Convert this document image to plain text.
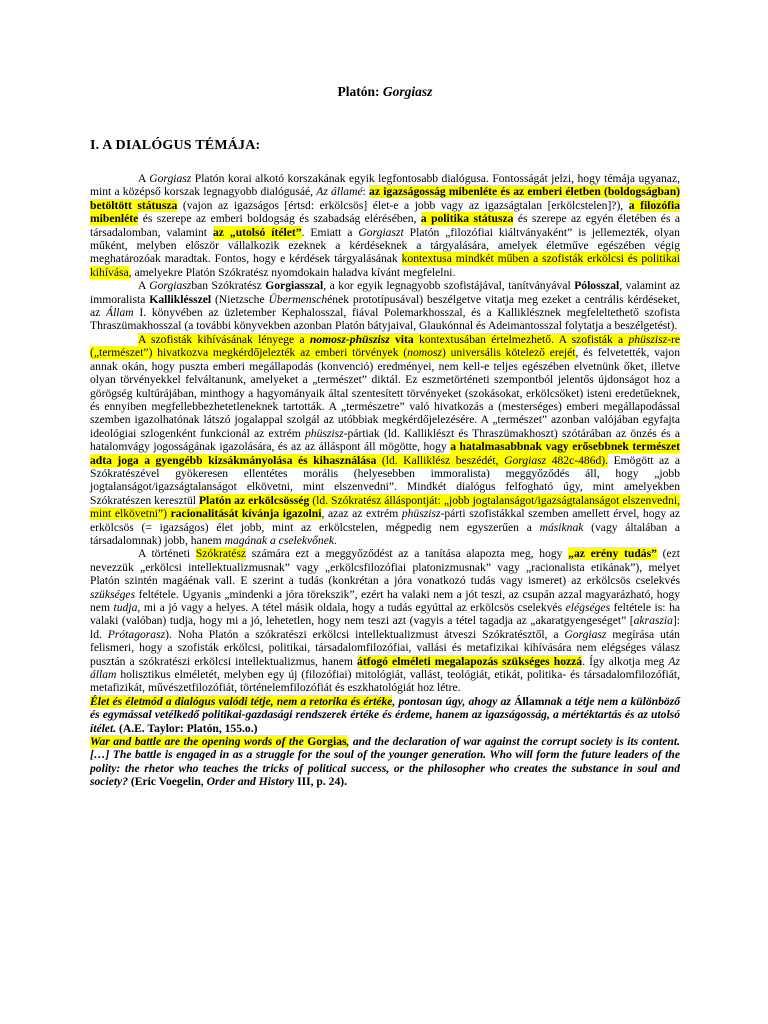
Platón: Gorgiasz
I. A DIALÓGUS TÉMÁJA:

A Gorgiasz Platón korai alkotó korszakának egyik legfontosabb dialógusa. Fontosságát jelzi, hogy témája ugyanaz, mint a középső korszak legnagyobb dialógusáé, Az államé: az igazságosság mibenléte és az emberi életben (boldogságban) betöltött státusza (vajon az igazságos [értsd: erkölcsös] élet-e a jobb vagy az igazságtalan [erkölcstelen]?), a filozófia mibenléte és szerepe az emberi boldogság és szabadság elérésében, a politika státusza és szerepe az egyén életében és a társadalomban, valamint az „utolsó ítélet”. Emiatt a Gorgiaszt Platón „filozófiai kiáltványaként” is jellemezték, olyan műként, melyben először vállalkozik ezeknek a kérdéseknek a tárgyalására, amelyek életműve egészében végig meghatározóak maradtak. Fontos, hogy e kérdések tárgyalásának kontextusa mindkét műben a szofisták erkölcsi és politikai kihívása, amelyekre Platón Szókratész nyomdokain haladva kívánt megfelelni.

A Gorgiaszban Szókratész Gorgiasszal, a kor egyik legnagyobb szofistájával, tanítványával Pólosszal, valamint az immoralista Kalliklésszel (Nietzsche Übermenschének prototípusával) beszélgetve vitatja meg ezeket a centrális kérdéseket, az Állam I. könyvében az üzletember Kephalosszal, fiával Polemarkhosszal, és a Kalliklésznek megfeleltethető szofista Thraszümakhosszal (a további könyvekben azonban Platón bátyjaival, Glaukónnal és Adeimantosszal folytatja a beszélgetést).

A szofisták kihívásának lényege a nomosz-phüszisz vita kontextusában értelmezhető. A szofisták a phüszisz-re („természet”) hivatkozva megkérdőjelezték az emberi törvények (nomosz) universális kötelező erejét, és felvetették, vajon annak okán, hogy puszta emberi megállapodás (konvenció) eredményei, nem kell-e teljes egészében elvetnünk őket, illetve olyan törvényekkel felváltanunk, amelyeket a „természet” diktál. Ez eszmetörténeti szempontból jelentős újdonságot hoz a görögség kultúrájában, minthogy a hagyományaik által szentesített törvényeket (szokásokat, erkölcsöket) isteni eredetűeknek, és ennyiben megfellebbezhetetleneknek tartották. A „természetre” való hivatkozás a (mesterséges) emberi megállapodással szemben igazolhatónak látszó jogalappal szolgál az utóbbiak megkérdőjelezésére. A „természet” azonban valójában egyfajta ideológiai szlogenként funkcionál az extrém phüszisz-pártiak (ld. Kalliklészt és Thraszümakhoszt) szótárában az önzés és a hatalomvágy jogosságának igazolására, és az az álláspont áll mögötte, hogy a hatalmasabbnak vagy erősebbnek természet adta joga a gyengébb kizsákmányolása és kihasználása (ld. Kalliklész beszédét, Gorgiasz 482c-486d). Emögött az a Szókratészével gyökeresen ellentétes morális (helyesebben immoralista) meggyőződés áll, hogy „jobb jogtalanságot/igazságtalanságot elkövetni, mint elszenvedni”. Mindkét dialógus felfogható úgy, mint amelyekben Szókratészen keresztül Platón az erkölcsösség (ld. Szókratész álláspontját: „jobb jogtalanságot/igazságtalanságot elszenvedni, mint elkövetni”) racionalitását kívánja igazolni, azaz az extrém phüszisz-párti szofistákkal szemben amellett érvel, hogy az erkölcsös (= igazságos) élet jobb, mint az erkölcstelen, mégpedig nem egyszerűen a másiknak (vagy általában a társadalomnak) jobb, hanem magának a cselekvőnek.

A történeti Szókratész számára ezt a meggyőződést az a tanítása alapozta meg, hogy „az erény tudás” (ezt nevezzük „erkölcsi intellektualizmusnak” vagy „erkölcsfilozófiai platonizmusnak” vagy „racionalista etikának”), melyet Platón szintén magáénak vall. E szerint a tudás (konkrétan a jóra vonatkozó tudás vagy ismeret) az erkölcsös cselekvés szükséges feltétele. Ugyanis „mindenki a jóra törekszik”, ezért ha valaki nem a jót teszi, az csupán azzal magyarázható, hogy nem tudja, mi a jó vagy a helyes. A tétel másik oldala, hogy a tudás egyúttal az erkölcsös cselekvés elégséges feltétele is: ha valaki (valóban) tudja, hogy mi a jó, lehetetlen, hogy nem teszi azt (vagyis a tétel tagadja az „akaratgyengeséget” [akraszia]: ld. Prótagorasz). Noha Platón a szókratészi erkölcsi intellektualizmust átveszi Szókratésztől, a Gorgiasz megírása után felismeri, hogy a szofisták erkölcsi, politikai, társadalomfilozófiai, vallási és metafizikai kihívására nem elégséges válasz pusztán a szókratészi erkölcsi intellektualizmus, hanem átfogó elméleti megalapozás szükséges hozzá. Így alkotja meg Az állam holisztikus elméletét, melyben egy új (filozófiai) mitológiát, vallást, teológiát, etikát, politika- és társadalomfilozófiát, metafizikát, művészetfilozófiát, történelemfilozófiát és eszkhatológiát hoz létre.

Élet és életmód a dialógus valódi tétje, nem a retorika és értéke, pontosan úgy, ahogy az Államnak a tétje nem a különböző és egymással vetélkedő politikai-gazdasági rendszerek értéke és érdeme, hanem az igazságosság, a mértéktartás és az utolsó ítélet. (A.E. Taylor: Platón, 155.o.)

War and battle are the opening words of the Gorgias, and the declaration of war against the corrupt society is its content. […] The battle is engaged in as a struggle for the soul of the younger generation. Who will form the future leaders of the polity: the rhetor who teaches the tricks of political success, or the philosopher who creates the substance in soul and society? (Eric Voegelin, Order and History III, p. 24).
